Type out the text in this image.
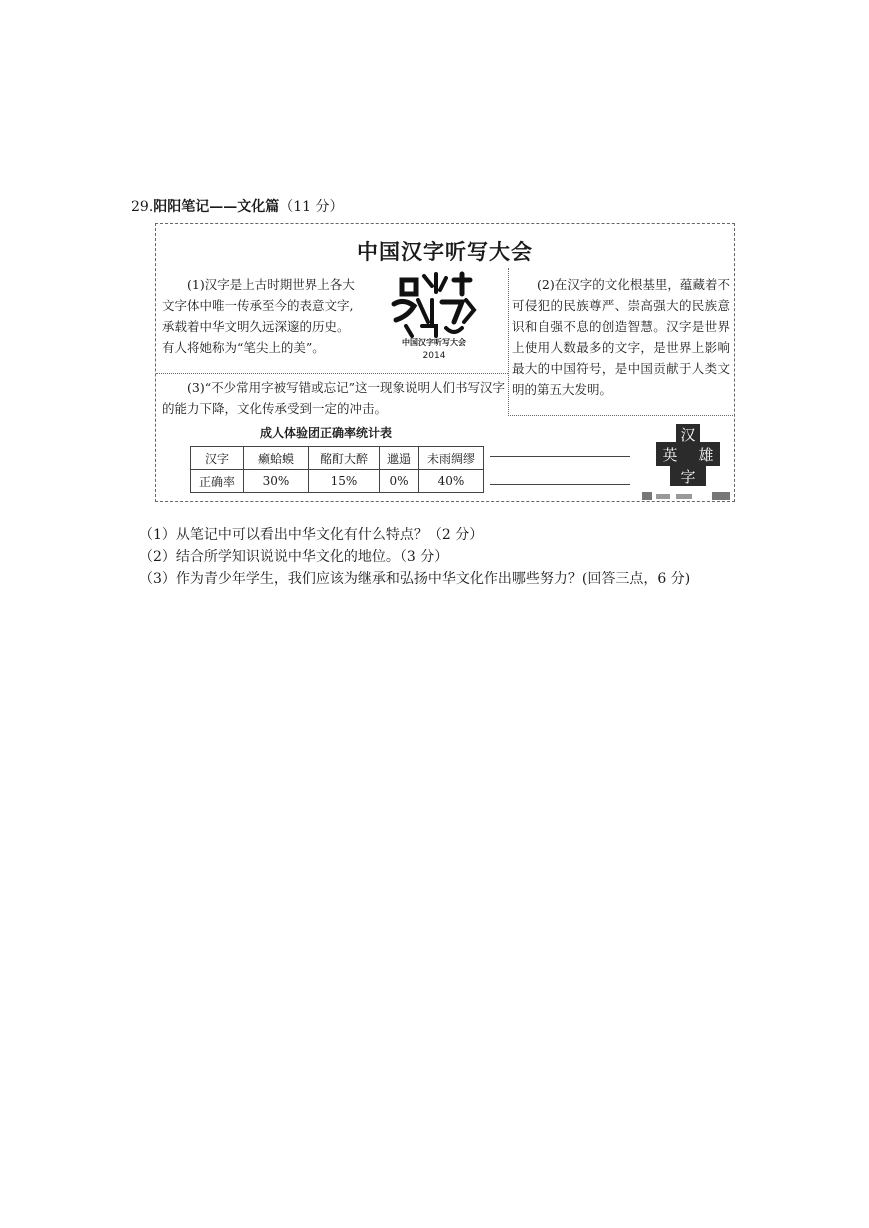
29.阳阳笔记——文化篇（11 分）
中国汉字听写大会
(1)汉字是上古时期世界上各大文字体中唯一传承至今的表意文字,承载着中华文明久远深邃的历史。有人将她称为“笔尖上的美”。	中国汉字听写大会
2014
(2)在汉字的文化根基里，蕴藏着不可侵犯的民族尊严、崇高强大的民族意识和自强不息的创造智慧。汉字是世界上使用人数最多的文字，是世界上影响最大的中国符号，是中国贡献于人类文明的第五大发明。
(3)“不少常用字被写错或忘记”这一现象说明人们书写汉字的能力下降，文化传承受到一定的冲击。
成人体验团正确率统计表
汉字	癞蛤蟆	酩酊大醉	邋遢	未雨绸缪
正确率	30%	15%	0%	40%
汉
英 雄
字
（1）从笔记中可以看出中华文化有什么特点？（2 分）
（2）结合所学知识说说中华文化的地位。（3 分）
（3）作为青少年学生，我们应该为继承和弘扬中华文化作出哪些努力？(回答三点，6 分)
